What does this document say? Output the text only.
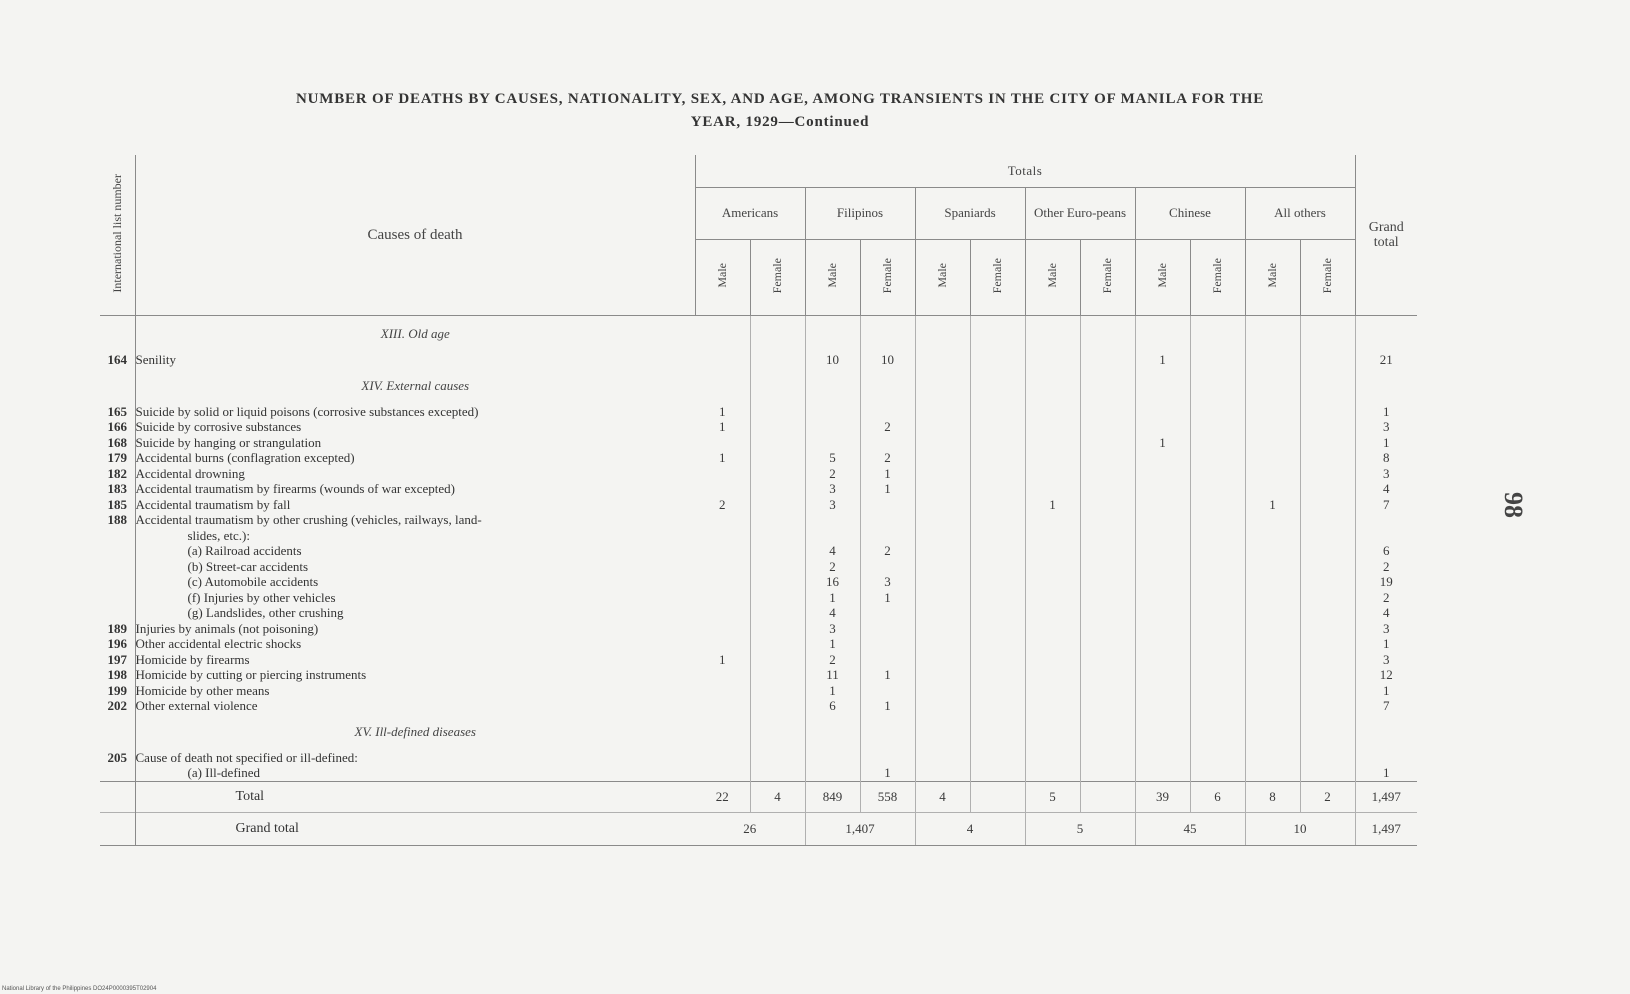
NUMBER OF DEATHS BY CAUSES, NATIONALITY, SEX, AND AGE, AMONG TRANSIENTS IN THE CITY OF MANILA FOR THE
YEAR, 1929—Continued
98
International list number	Causes of death	Totals												Grand total
		Americans		Filipinos		Spaniards		Other Euro-peans		Chinese		All others		
		Male	Female	Male	Female	Male	Female	Male	Female	Male	Female	Male	Female	
	XIII. Old age													
164	Senility			10	10					1				21
	XIV. External causes													
165	Suicide by solid or liquid poisons (corrosive substances excepted)	1												1
166	Suicide by corrosive substances	1			2									3
168	Suicide by hanging or strangulation									1				1
179	Accidental burns (conflagration excepted)	1		5	2									8
182	Accidental drowning			2	1									3
183	Accidental traumatism by firearms (wounds of war excepted)			3	1									4
185	Accidental traumatism by fall	2		3				1				1		7
188	Accidental traumatism by other crushing (vehicles, railways, land-													
	slides, etc.):													
	(a) Railroad accidents			4	2									6
	(b) Street-car accidents			2										2
	(c) Automobile accidents			16	3									19
	(f) Injuries by other vehicles			1	1									2
	(g) Landslides, other crushing			4										4
189	Injuries by animals (not poisoning)			3										3
196	Other accidental electric shocks			1										1
197	Homicide by firearms	1		2										3
198	Homicide by cutting or piercing instruments			11	1									12
199	Homicide by other means			1										1
202	Other external violence			6	1									7
	XV. Ill-defined diseases													
205	Cause of death not specified or ill-defined:													
	(a) Ill-defined				1									1
	Total	22	4	849	558	4		5		39	6	8	2	1,497
	Grand total	26		1,407		4		5		45		10		1,497
National Library of the Philippines DO24P0000395T02904
